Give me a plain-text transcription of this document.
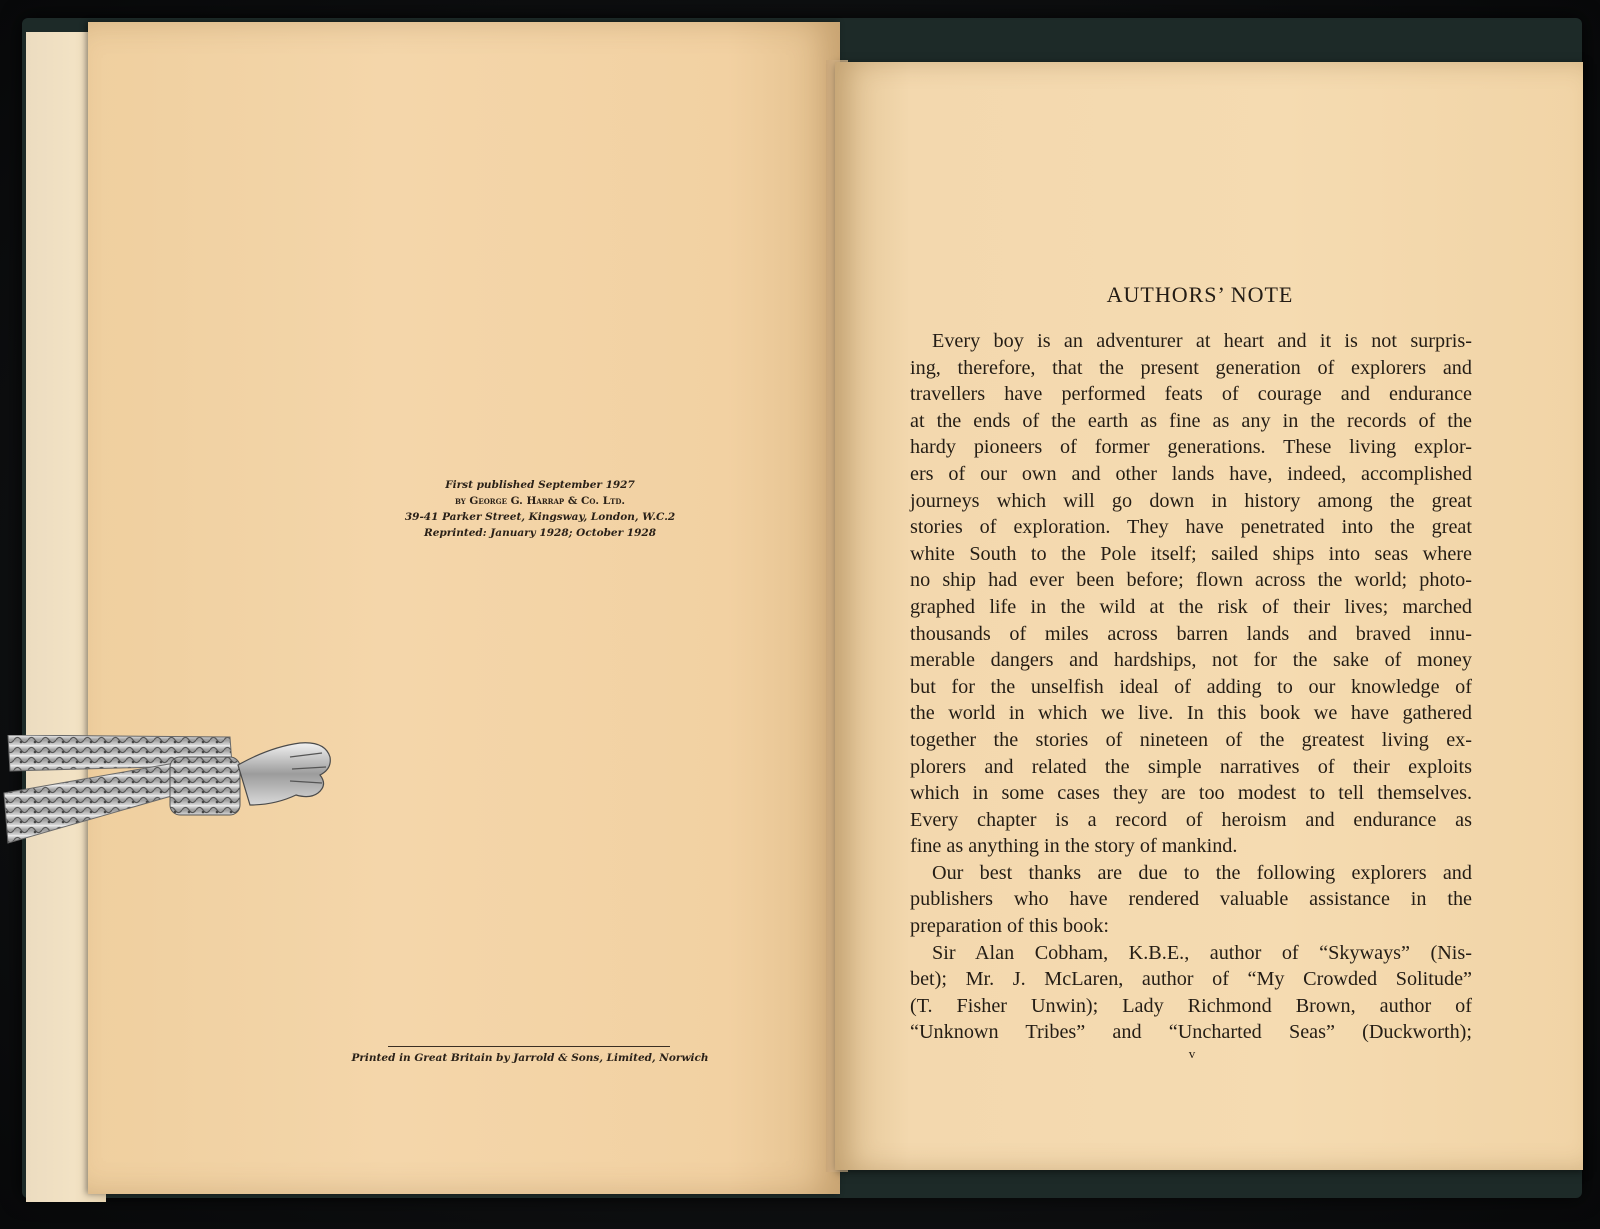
First published September 1927
by George G. Harrap & Co. Ltd.
39-41 Parker Street, Kingsway, London, W.C.2
Reprinted: January 1928; October 1928
Printed in Great Britain by Jarrold & Sons, Limited, Norwich
AUTHORS’ NOTE
Every boy is an adventurer at heart and it is not surpris-
ing, therefore, that the present generation of explorers and
travellers have performed feats of courage and endurance
at the ends of the earth as fine as any in the records of the
hardy pioneers of former generations. These living explor-
ers of our own and other lands have, indeed, accomplished
journeys which will go down in history among the great
stories of exploration. They have penetrated into the great
white South to the Pole itself; sailed ships into seas where
no ship had ever been before; flown across the world; photo-
graphed life in the wild at the risk of their lives; marched
thousands of miles across barren lands and braved innu-
merable dangers and hardships, not for the sake of money
but for the unselfish ideal of adding to our knowledge of
the world in which we live. In this book we have gathered
together the stories of nineteen of the greatest living ex-
plorers and related the simple narratives of their exploits
which in some cases they are too modest to tell themselves.
Every chapter is a record of heroism and endurance as
fine as anything in the story of mankind.
Our best thanks are due to the following explorers and
publishers who have rendered valuable assistance in the
preparation of this book:
Sir Alan Cobham, K.B.E., author of “Skyways” (Nis-
bet); Mr. J. McLaren, author of “My Crowded Solitude”
(T. Fisher Unwin); Lady Richmond Brown, author of
“Unknown Tribes” and “Uncharted Seas” (Duckworth);
v
